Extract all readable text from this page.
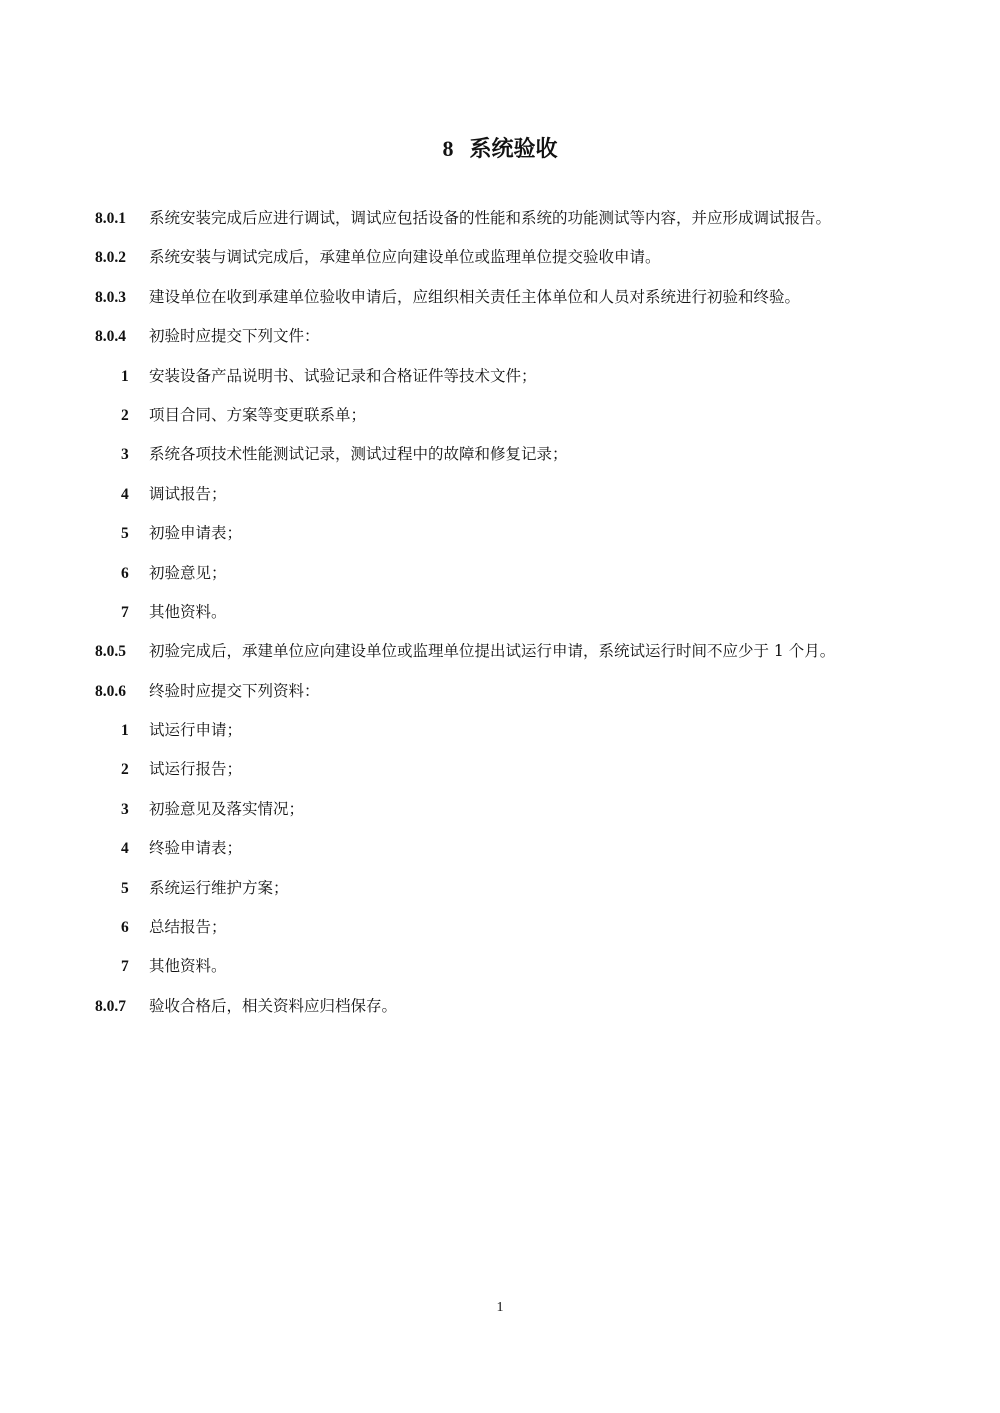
8 系统验收
8.0.1 系统安装完成后应进行调试，调试应包括设备的性能和系统的功能测试等内容，并应形成调试报告。
8.0.2 系统安装与调试完成后，承建单位应向建设单位或监理单位提交验收申请。
8.0.3 建设单位在收到承建单位验收申请后，应组织相关责任主体单位和人员对系统进行初验和终验。
8.0.4 初验时应提交下列文件：
1 安装设备产品说明书、试验记录和合格证件等技术文件；
2 项目合同、方案等变更联系单；
3 系统各项技术性能测试记录，测试过程中的故障和修复记录；
4 调试报告；
5 初验申请表；
6 初验意见；
7 其他资料。
8.0.5 初验完成后，承建单位应向建设单位或监理单位提出试运行申请，系统试运行时间不应少于 1 个月。
8.0.6 终验时应提交下列资料：
1 试运行申请；
2 试运行报告；
3 初验意见及落实情况；
4 终验申请表；
5 系统运行维护方案；
6 总结报告；
7 其他资料。
8.0.7 验收合格后，相关资料应归档保存。
1
